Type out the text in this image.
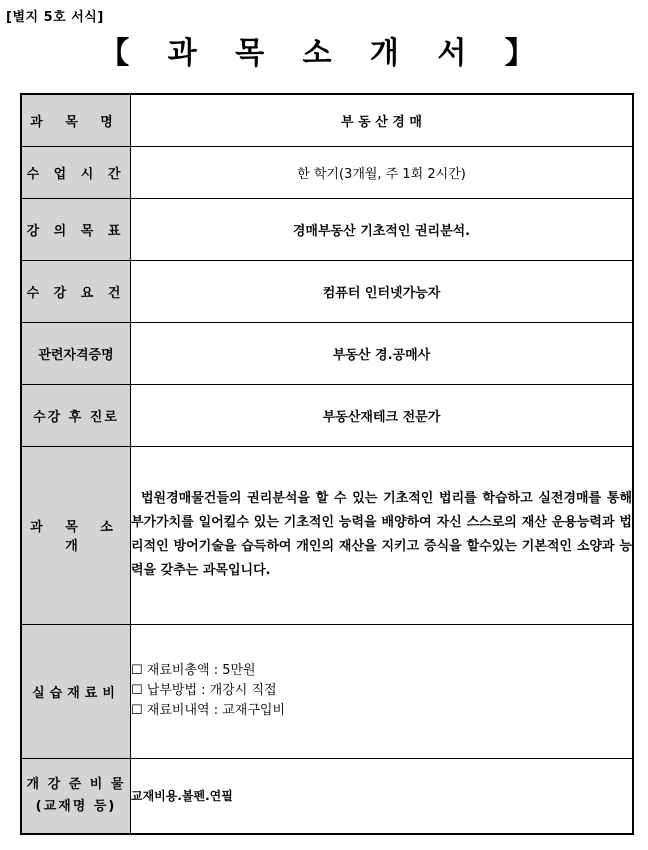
[별지 5호 서식]
【 과 목 소 개 서 】
과 목 명	부 동 산 경 매
수 업 시 간	한 학기(3개월, 주 1회 2시간)
강 의 목 표	경매부동산 기초적인 권리분석.
수 강 요 건	컴퓨터 인터넷가능자
관련자격증명	부동산 경.공매사
수강 후 진로	부동산재테크 전문가
과 목 소 개	법원경매물건들의 권리분석을 할 수 있는 기초적인 법리를 학습하고 실전경매를 통해 부가가치를 일어킬수 있는 기초적인 능력을 배양하여 자신 스스로의 재산 운용능력과 법리적인 방어기술을 습득하여 개인의 재산을 지키고 증식을 할수있는 기본적인 소양과 능력을 갖추는 과목입니다.

실습재료비	☐ 재료비총액 : 5만원
☐ 납부방법 : 개강시 직접
☐ 재료비내역 : 교재구입비

개 강 준 비 물
(교재명 등)	교재비용.볼펜.연필
